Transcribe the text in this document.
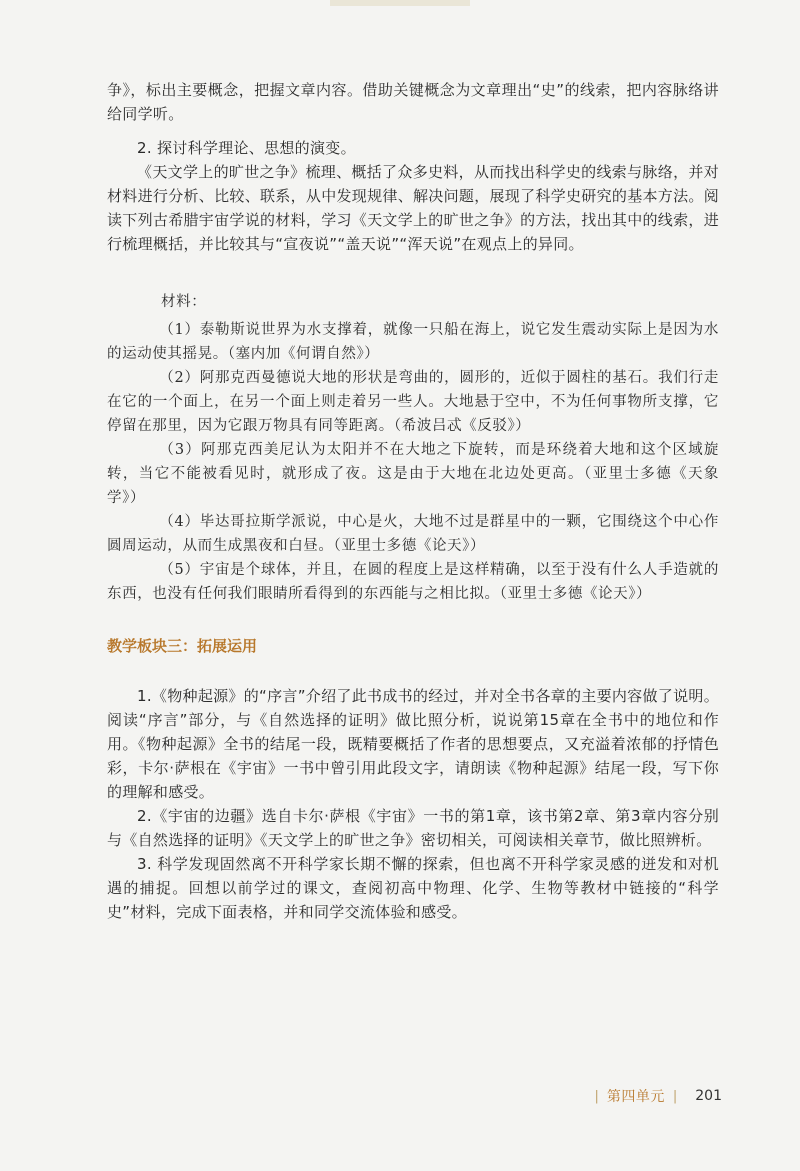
争》，标出主要概念，把握文章内容。借助关键概念为文章理出“史”的线索，把内容脉络讲给同学听。

2. 探讨科学理论、思想的演变。

《天文学上的旷世之争》梳理、概括了众多史料，从而找出科学史的线索与脉络，并对材料进行分析、比较、联系，从中发现规律、解决问题，展现了科学史研究的基本方法。阅读下列古希腊宇宙学说的材料，学习《天文学上的旷世之争》的方法，找出其中的线索，进行梳理概括，并比较其与“宣夜说”“盖天说”“浑天说”在观点上的异同。

材料：

（1）泰勒斯说世界为水支撑着，就像一只船在海上，说它发生震动实际上是因为水的运动使其摇晃。（塞内加《何谓自然》）

（2）阿那克西曼德说大地的形状是弯曲的，圆形的，近似于圆柱的基石。我们行走在它的一个面上，在另一个面上则走着另一些人。大地悬于空中，不为任何事物所支撑，它停留在那里，因为它跟万物具有同等距离。（希波吕忒《反驳》）

（3）阿那克西美尼认为太阳并不在大地之下旋转，而是环绕着大地和这个区域旋转，当它不能被看见时，就形成了夜。这是由于大地在北边处更高。（亚里士多德《天象学》）

（4）毕达哥拉斯学派说，中心是火，大地不过是群星中的一颗，它围绕这个中心作圆周运动，从而生成黑夜和白昼。（亚里士多德《论天》）

（5）宇宙是个球体，并且，在圆的程度上是这样精确，以至于没有什么人手造就的东西，也没有任何我们眼睛所看得到的东西能与之相比拟。（亚里士多德《论天》）

教学板块三：拓展运用

1.《物种起源》的“序言”介绍了此书成书的经过，并对全书各章的主要内容做了说明。阅读“序言”部分，与《自然选择的证明》做比照分析，说说第15章在全书中的地位和作用。《物种起源》全书的结尾一段，既精要概括了作者的思想要点，又充溢着浓郁的抒情色彩，卡尔·萨根在《宇宙》一书中曾引用此段文字，请朗读《物种起源》结尾一段，写下你的理解和感受。

2.《宇宙的边疆》选自卡尔·萨根《宇宙》一书的第1章，该书第2章、第3章内容分别与《自然选择的证明》《天文学上的旷世之争》密切相关，可阅读相关章节，做比照辨析。

3. 科学发现固然离不开科学家长期不懈的探索，但也离不开科学家灵感的迸发和对机遇的捕捉。回想以前学过的课文，查阅初高中物理、化学、生物等教材中链接的“科学史”材料，完成下面表格，并和同学交流体验和感受。

| 第四单元 | 201
